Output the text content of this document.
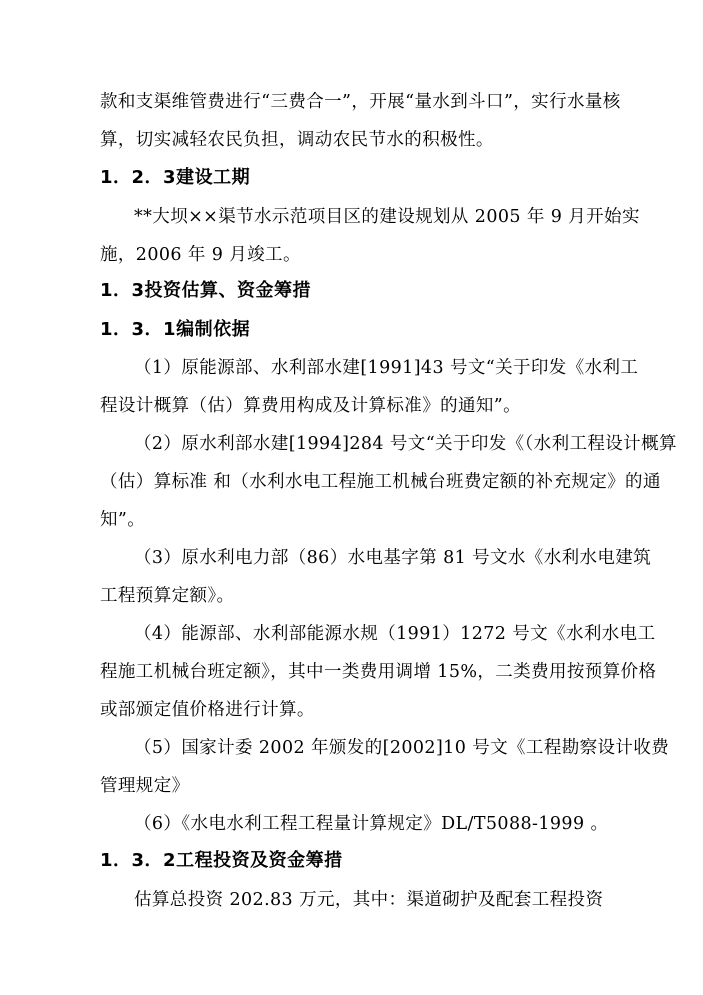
款和支渠维管费进行“三费合一”，开展“量水到斗口”，实行水量核
算，切实减轻农民负担，调动农民节水的积极性。
1．2．3建设工期
**大坝××渠节水示范项目区的建设规划从 2005 年 9 月开始实
施，2006 年 9 月竣工。
1．3投资估算、资金筹措
1．3．1编制依据
（1）原能源部、水利部水建[1991]43 号文“关于印发《水利工
程设计概算（估）算费用构成及计算标准》的通知”。
（2）原水利部水建[1994]284 号文“关于印发《（水利工程设计概算
（估）算标准 和（水利水电工程施工机械台班费定额的补充规定》的通
知”。
（3）原水利电力部（86）水电基字第 81 号文水《水利水电建筑
工程预算定额》。
（4）能源部、水利部能源水规（1991）1272 号文《水利水电工
程施工机械台班定额》，其中一类费用调增 15%，二类费用按预算价格
或部颁定值价格进行计算。
（5）国家计委 2002 年颁发的[2002]10 号文《工程勘察设计收费
管理规定》
（6）《水电水利工程工程量计算规定》DL/T5088-1999 。
1．3．2工程投资及资金筹措
估算总投资 202.83 万元，其中：渠道砌护及配套工程投资
